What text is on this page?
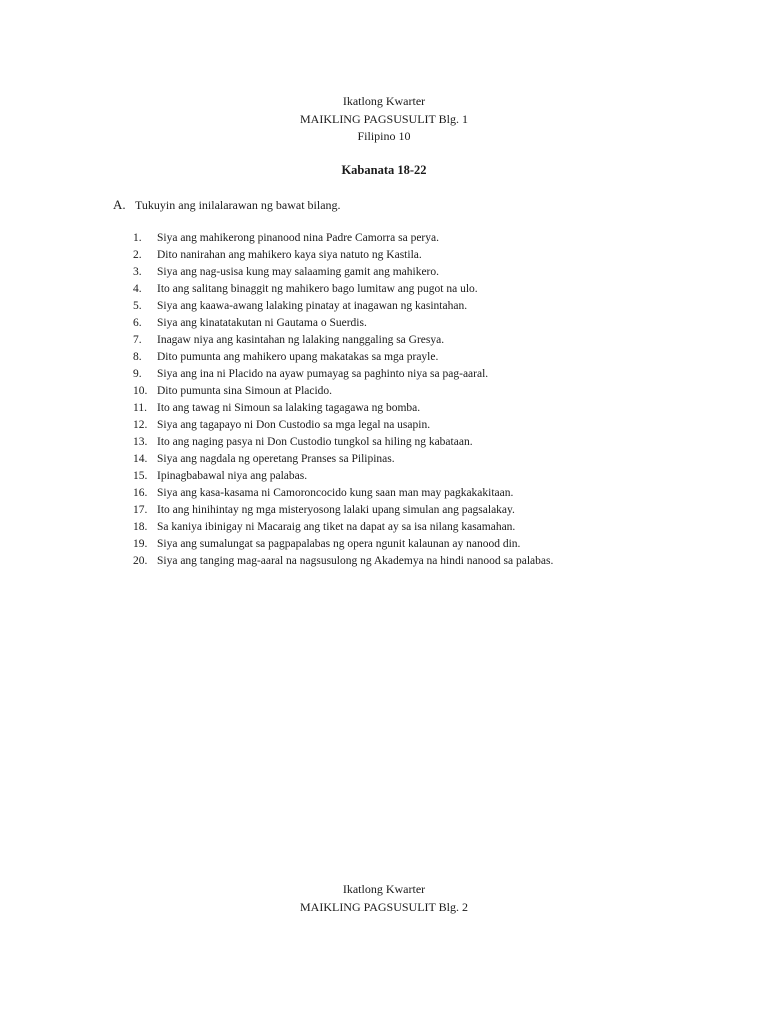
Ikatlong Kwarter
MAIKLING PAGSUSULIT Blg. 1
Filipino 10
Kabanata 18-22
A. Tukuyin ang inilalarawan ng bawat bilang.
1.	Siya ang mahikerong pinanood nina Padre Camorra sa perya.
2.	Dito nanirahan ang mahikero kaya siya natuto ng Kastila.
3.	Siya ang nag-usisa kung may salaaming gamit ang mahikero.
4.	Ito ang salitang binaggit ng mahikero bago lumitaw ang pugot na ulo.
5.	Siya ang kaawa-awang lalaking pinatay at inagawan ng kasintahan.
6.	Siya ang kinatatakutan ni Gautama o Suerdis.
7.	Inagaw niya ang kasintahan ng lalaking nanggaling sa Gresya.
8.	Dito pumunta ang mahikero upang makatakas sa mga prayle.
9.	Siya ang ina ni Placido na ayaw pumayag sa paghinto niya sa pag-aaral.
10. Dito pumunta sina Simoun at Placido.
11. Ito ang tawag ni Simoun sa lalaking tagagawa ng bomba.
12. Siya ang tagapayo ni Don Custodio sa mga legal na usapin.
13. Ito ang naging pasya ni Don Custodio tungkol sa hiling ng kabataan.
14. Siya ang nagdala ng operetang Pranses sa Pilipinas.
15. Ipinagbabawal niya ang palabas.
16. Siya ang kasa-kasama ni Camoroncocido kung saan man may pagkakakitaan.
17. Ito ang hinihintay ng mga misteryosong lalaki upang simulan ang pagsalakay.
18. Sa kaniya ibinigay ni Macaraig ang tiket na dapat ay sa isa nilang kasamahan.
19. Siya ang sumalungat sa pagpapalabas ng opera ngunit kalaunan ay nanood din.
20. Siya ang tanging mag-aaral na nagsusulong ng Akademya na hindi nanood sa palabas.
Ikatlong Kwarter
MAIKLING PAGSUSULIT Blg. 2
